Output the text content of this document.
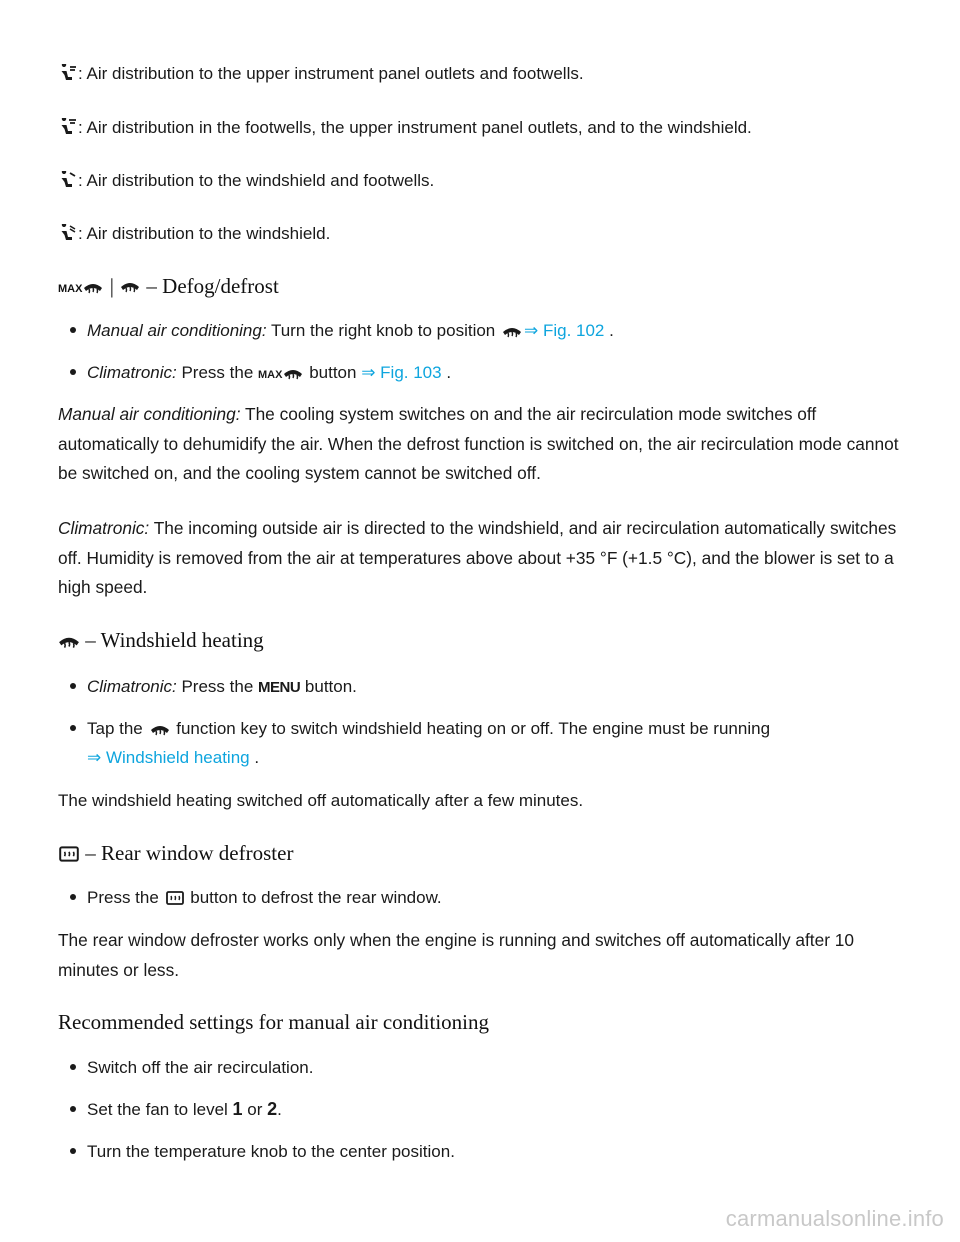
: Air distribution to the upper instrument panel outlets and footwells.
: Air distribution in the footwells, the upper instrument panel outlets, and to the windshield.
: Air distribution to the windshield and footwells.
: Air distribution to the windshield.
MAX |  – Defog/defrost
Manual air conditioning: Turn the right knob to position ⇒ Fig. 102 .
Climatronic: Press the MAX button ⇒ Fig. 103 .
Manual air conditioning: The cooling system switches on and the air recirculation mode switches off automatically to dehumidify the air. When the defrost function is switched on, the air recirculation mode cannot be switched on, and the cooling system cannot be switched off.
Climatronic: The incoming outside air is directed to the windshield, and air recirculation automatically switches off. Humidity is removed from the air at temperatures above about +35 °F (+1.5 °C), and the blower is set to a high speed.
– Windshield heating
Climatronic: Press the MENU button.
Tap the  function key to switch windshield heating on or off. The engine must be running
⇒ Windshield heating .
The windshield heating switched off automatically after a few minutes.
– Rear window defroster
Press the  button to defrost the rear window.
The rear window defroster works only when the engine is running and switches off automatically after 10 minutes or less.
Recommended settings for manual air conditioning
Switch off the air recirculation.
Set the fan to level 1 or 2.
Turn the temperature knob to the center position.
carmanualsonline.info
